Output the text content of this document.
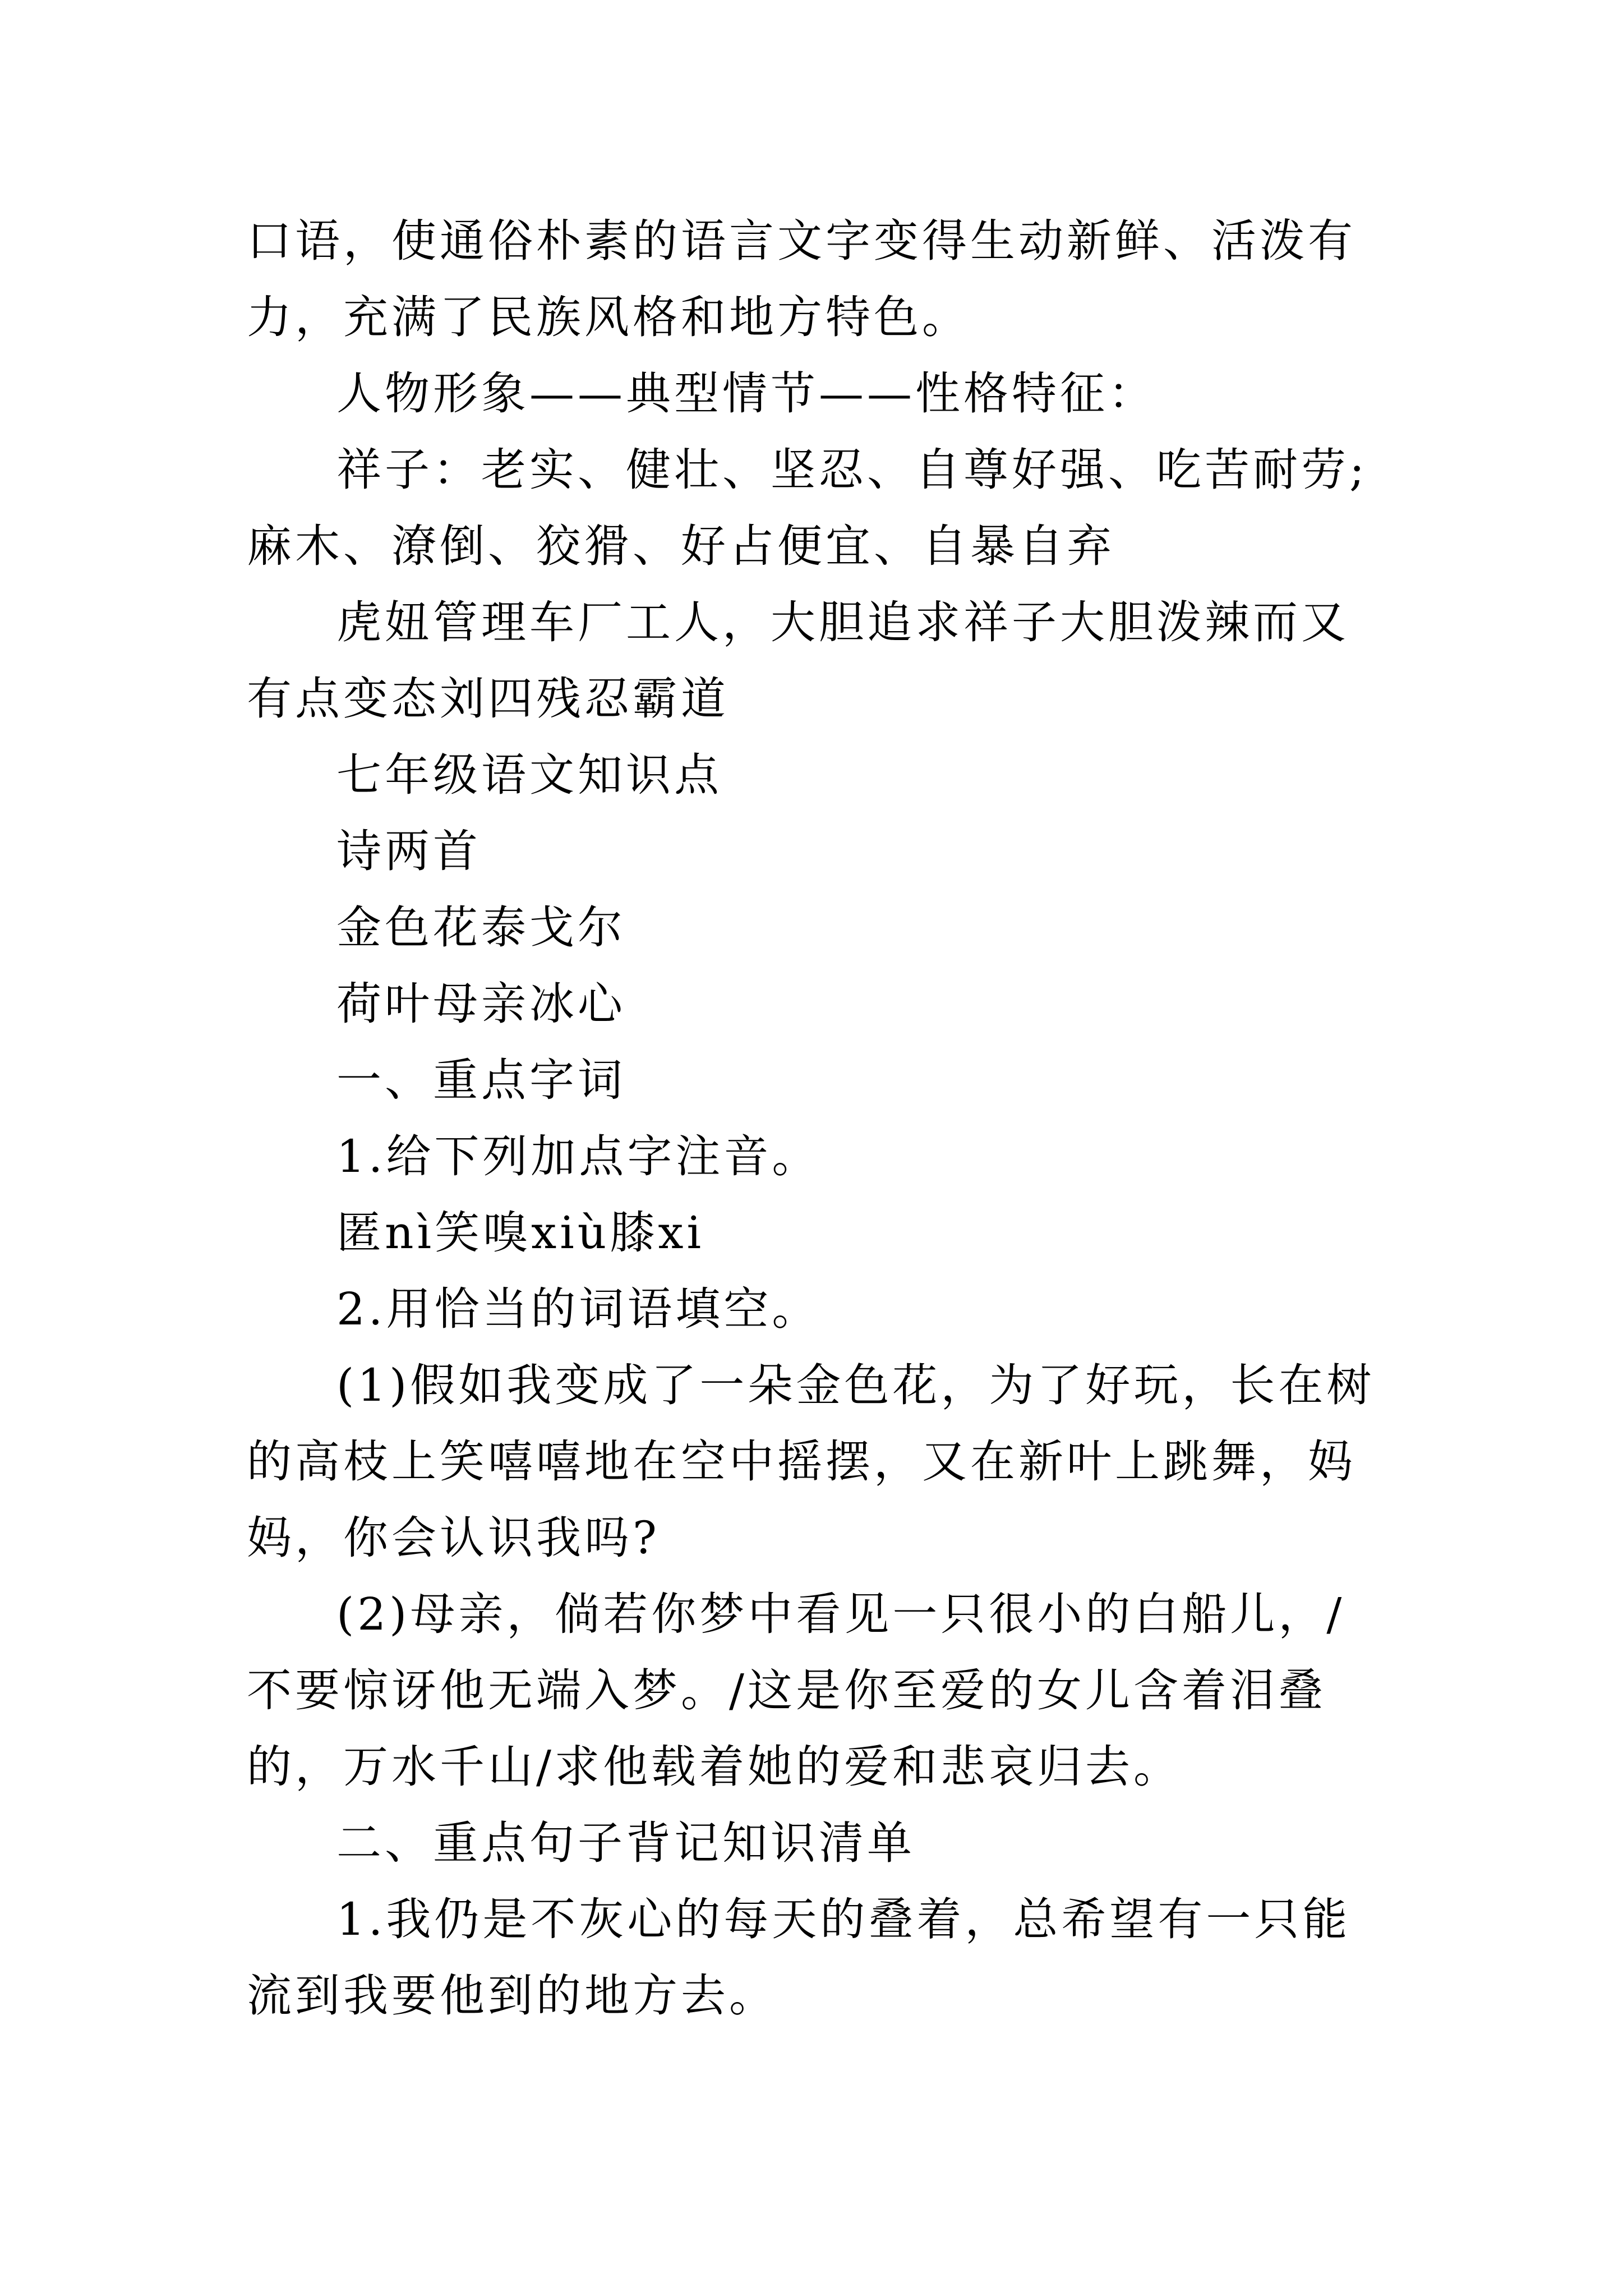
口语，使通俗朴素的语言文字变得生动新鲜、活泼有力，充满了民族风格和地方特色。

人物形象——典型情节——性格特征：

祥子：老实、健壮、坚忍、自尊好强、吃苦耐劳;麻木、潦倒、狡猾、好占便宜、自暴自弃

虎妞管理车厂工人，大胆追求祥子大胆泼辣而又有点变态刘四残忍霸道

七年级语文知识点

诗两首

金色花泰戈尔

荷叶母亲冰心

一、重点字词

1.给下列加点字注音。

匿nì笑嗅xiù膝xi

2.用恰当的词语填空。

(1)假如我变成了一朵金色花，为了好玩，长在树的高枝上笑嘻嘻地在空中摇摆，又在新叶上跳舞，妈妈，你会认识我吗?

(2)母亲，倘若你梦中看见一只很小的白船儿，/不要惊讶他无端入梦。/这是你至爱的女儿含着泪叠的，万水千山/求他载着她的爱和悲哀归去。

二、重点句子背记知识清单

1.我仍是不灰心的每天的叠着，总希望有一只能流到我要他到的地方去。
